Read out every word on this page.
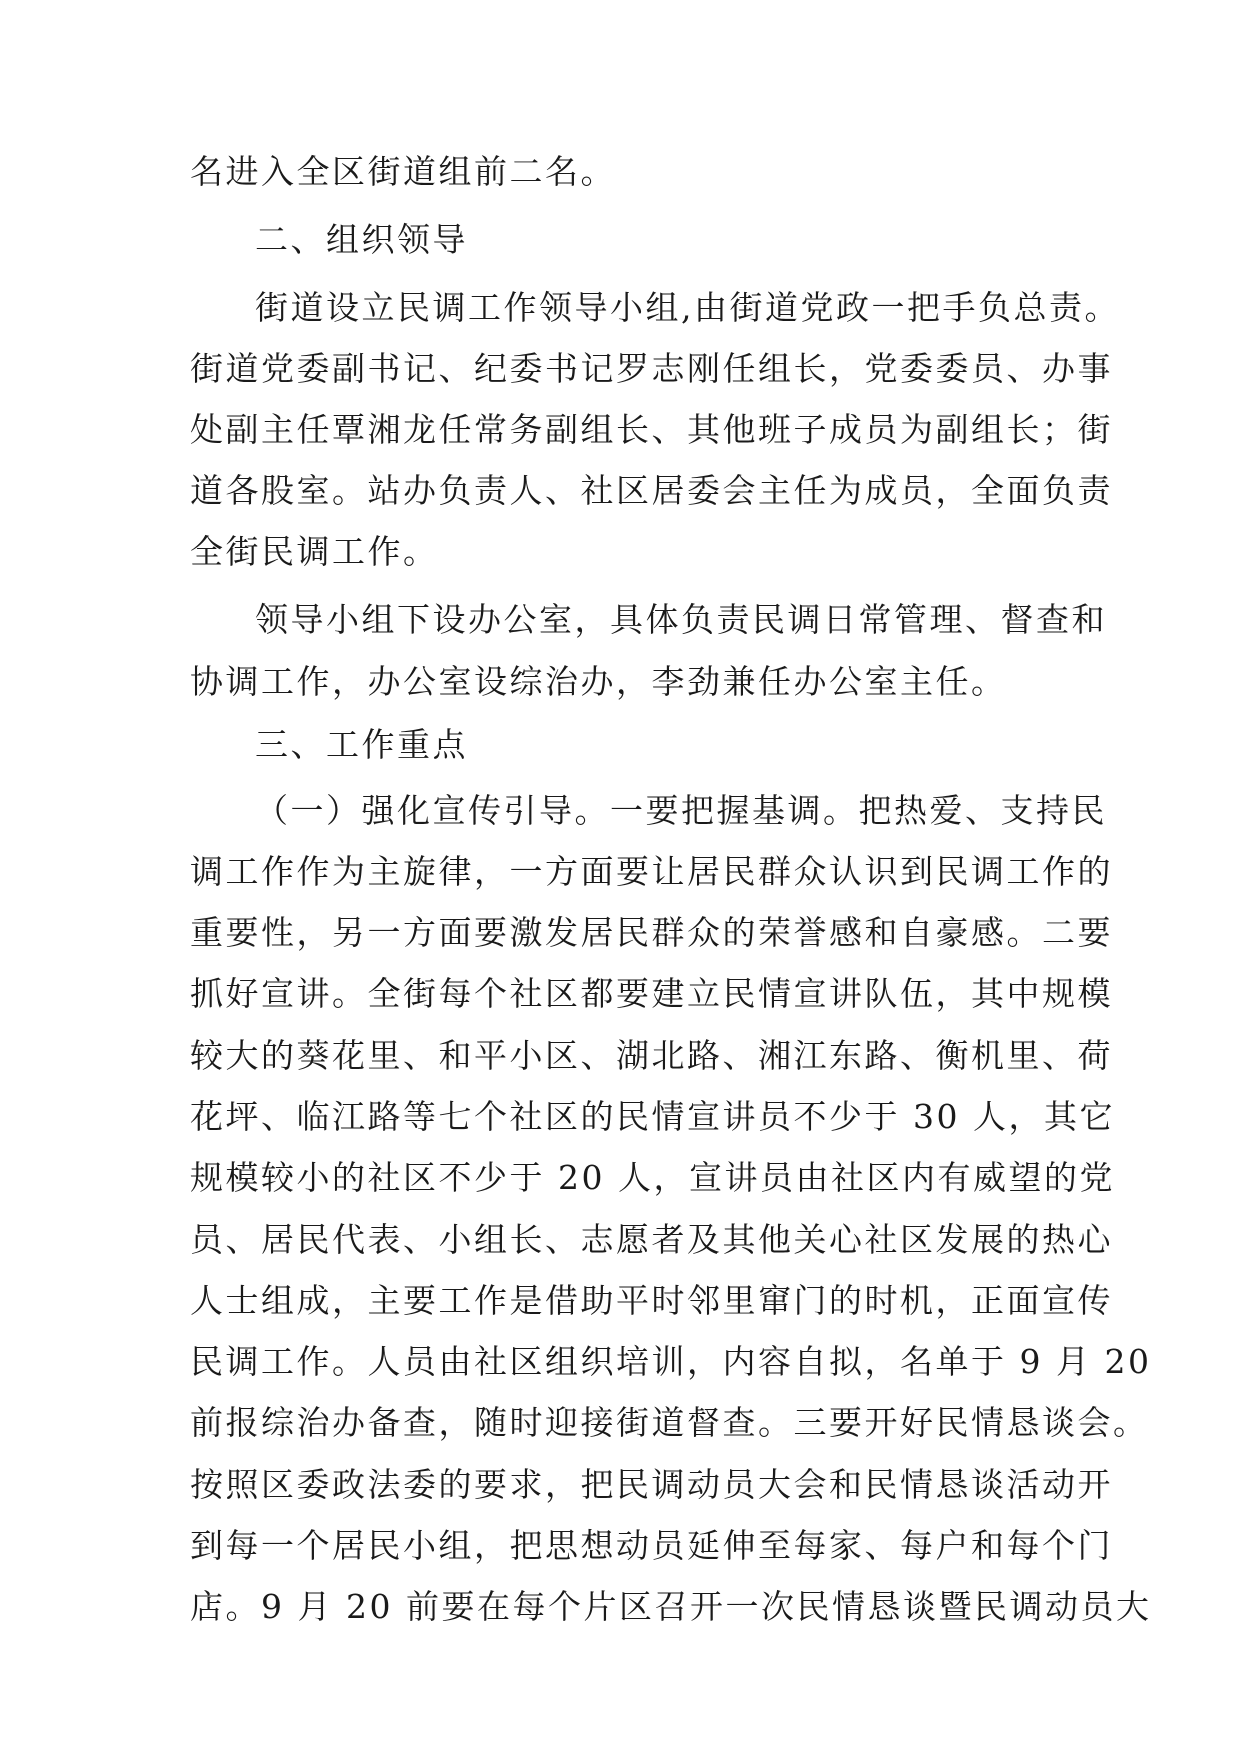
名进入全区街道组前二名。
二、组织领导
街道设立民调工作领导小组,由街道党政一把手负总责。
街道党委副书记、纪委书记罗志刚任组长，党委委员、办事
处副主任覃湘龙任常务副组长、其他班子成员为副组长；街
道各股室。站办负责人、社区居委会主任为成员，全面负责
全街民调工作。
领导小组下设办公室，具体负责民调日常管理、督查和
协调工作，办公室设综治办，李劲兼任办公室主任。
三、工作重点
（一）强化宣传引导。一要把握基调。把热爱、支持民
调工作作为主旋律，一方面要让居民群众认识到民调工作的
重要性，另一方面要激发居民群众的荣誉感和自豪感。二要
抓好宣讲。全街每个社区都要建立民情宣讲队伍，其中规模
较大的葵花里、和平小区、湖北路、湘江东路、衡机里、荷
花坪、临江路等七个社区的民情宣讲员不少于 30 人，其它
规模较小的社区不少于 20 人，宣讲员由社区内有威望的党
员、居民代表、小组长、志愿者及其他关心社区发展的热心
人士组成，主要工作是借助平时邻里窜门的时机，正面宣传
民调工作。人员由社区组织培训，内容自拟，名单于 9 月 20
前报综治办备查，随时迎接街道督查。三要开好民情恳谈会。
按照区委政法委的要求，把民调动员大会和民情恳谈活动开
到每一个居民小组，把思想动员延伸至每家、每户和每个门
店。9 月 20 前要在每个片区召开一次民情恳谈暨民调动员大
